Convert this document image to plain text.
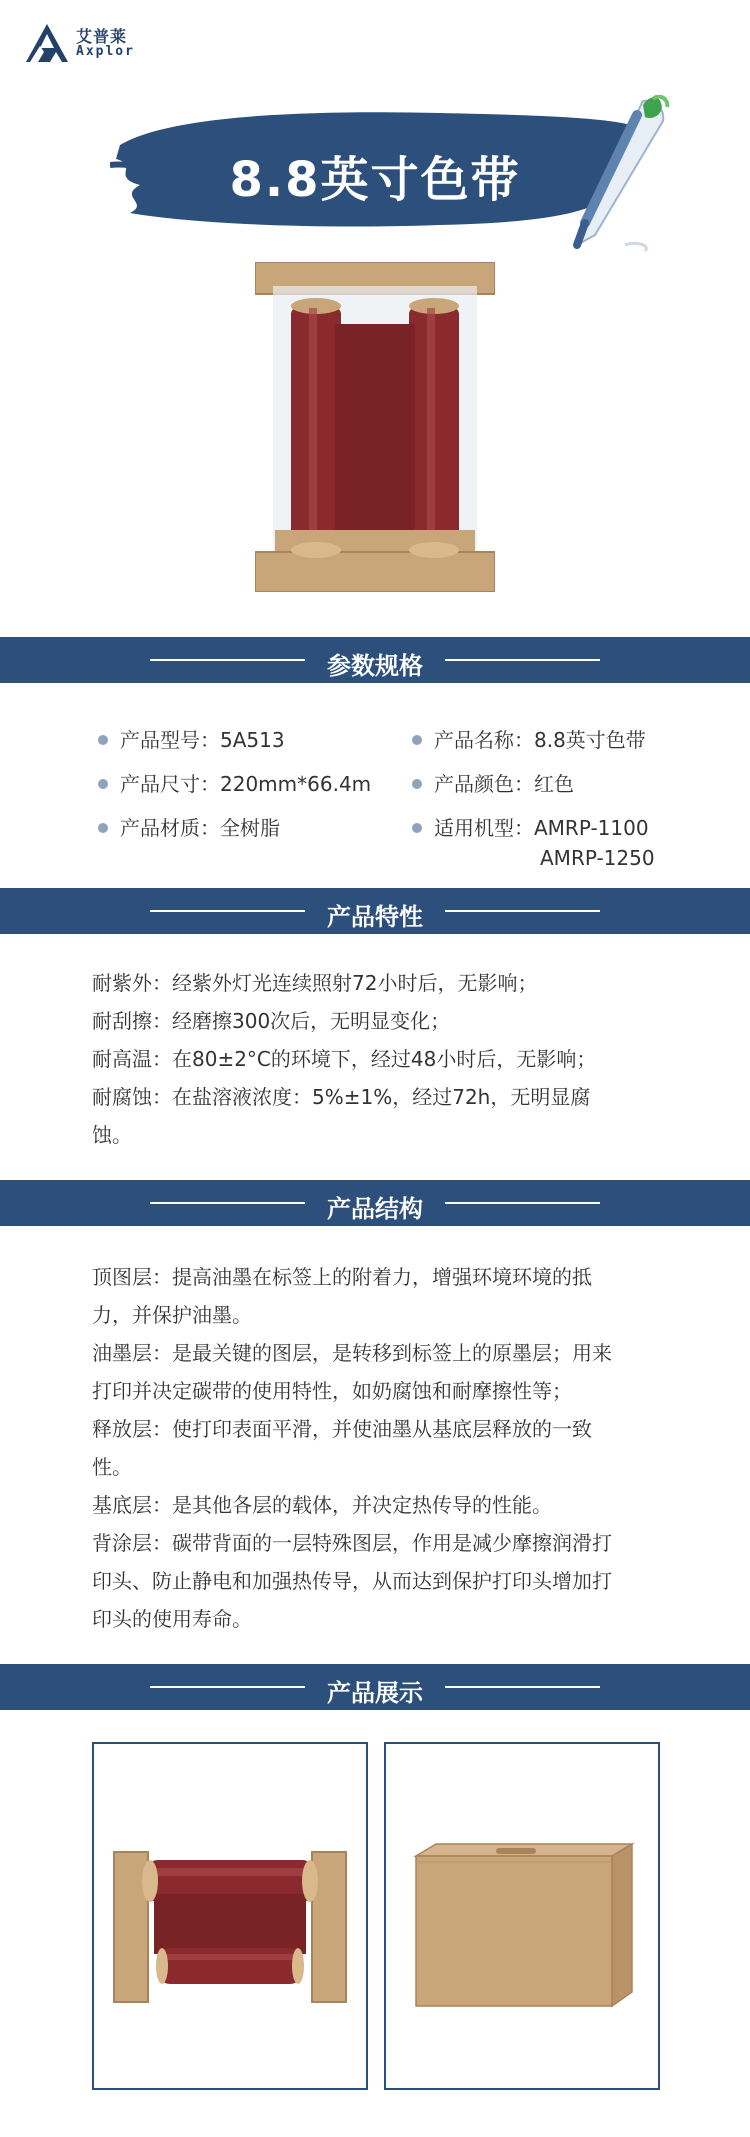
艾普莱
Axplor
8.8英寸色带
参数规格
产品型号：5A513	产品名称：8.8英寸色带
产品尺寸：220mm*66.4m	产品颜色：红色
产品材质：全树脂	适用机型：AMRP-1100
AMRP-1250
产品特性

耐紫外：经紫外灯光连续照射72小时后，无影响；

耐刮擦：经磨擦300次后，无明显变化；

耐高温：在80±2°C的环境下，经过48小时后，无影响；

耐腐蚀：在盐溶液浓度：5%±1%，经过72h，无明显腐

蚀。

产品结构

顶图层：提高油墨在标签上的附着力，增强环境环境的抵

力，并保护油墨。

油墨层：是最关键的图层，是转移到标签上的原墨层；用来

打印并决定碳带的使用特性，如奶腐蚀和耐摩擦性等；

释放层：使打印表面平滑，并使油墨从基底层释放的一致

性。

基底层：是其他各层的载体，并决定热传导的性能。

背涂层：碳带背面的一层特殊图层，作用是减少摩擦润滑打

印头、防止静电和加强热传导，从而达到保护打印头增加打

印头的使用寿命。

产品展示
